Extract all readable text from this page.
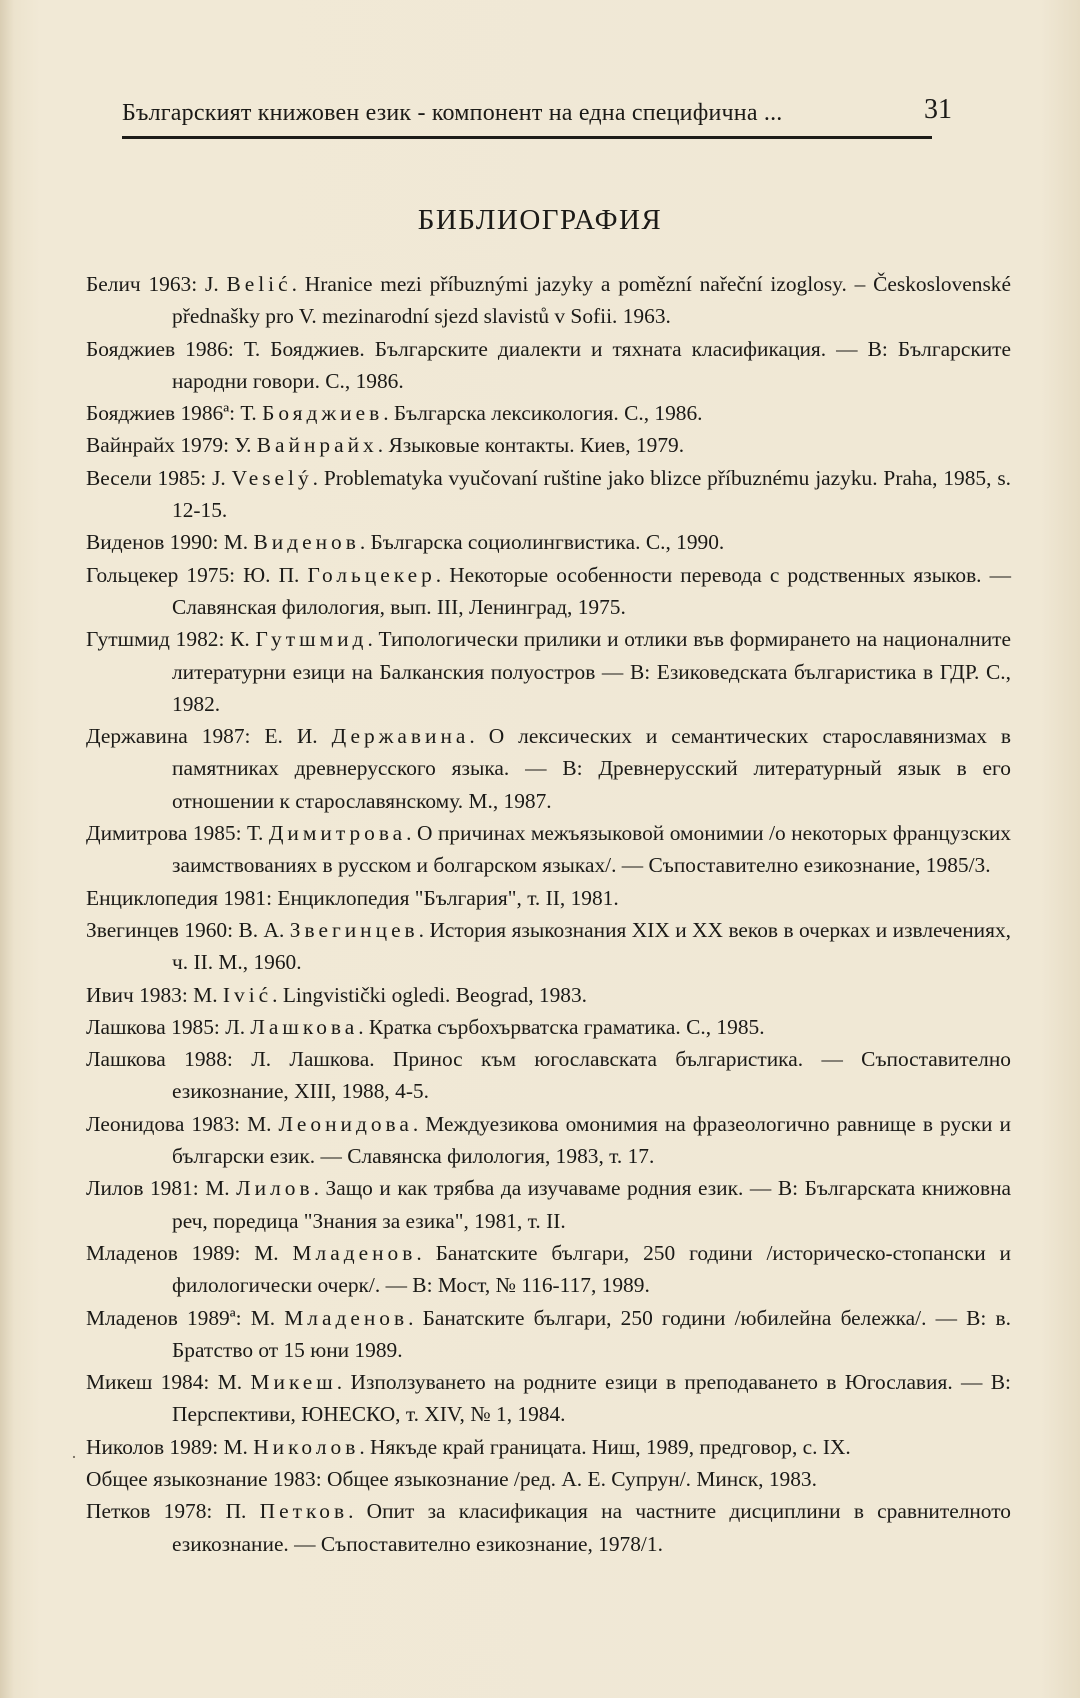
Българският книжовен език - компонент на една специфична ...	31
БИБЛИОГРАФИЯ
·
Белич 1963: J. Belić. Hranice mezi příbuznými jazyky a pomězní nařeční izoglosy. – Československé přednašky pro V. mezinarodní sjezd slavistů v Sofii. 1963.
Бояджиев 1986: Т. Бояджиев. Българските диалекти и тяхната класификация. — В: Българските народни говори. С., 1986.
Бояджиев 1986ª: Т. Бояджиев. Българска лексикология. С., 1986.
Вайнрайх 1979: У. Вайнрайх. Языковые контакты. Киев, 1979.
Весели 1985: J. Veselý. Problematyka vyučovaní ruštine jako blizce příbuznému jazyku. Praha, 1985, s. 12-15.
Виденов 1990: М. Виденов. Българска социолингвистика. С., 1990.
Гольцекер 1975: Ю. П. Гольцекер. Некоторые особенности перевода с родственных языков. — Славянская филология, вып. III, Ленинград, 1975.
Гутшмид 1982: К. Гутшмид. Типологически прилики и отлики във формирането на националните литературни езици на Балканския полуостров — В: Езиковедската българистика в ГДР. С., 1982.
Державина 1987: Е. И. Державина. О лексических и семантических старославянизмах в памятниках древнерусского языка. — В: Древнерусский литературный язык в его отношении к старославянскому. М., 1987.
Димитрова 1985: Т. Димитрова. О причинах межъязыковой омонимии /о некоторых французских заимствованиях в русском и болгарском языках/. — Съпоставително езикознание, 1985/3.
Енциклопедия 1981: Енциклопедия "България", т. II, 1981.
Звегинцев 1960: В. А. Звегинцев. История языкознания XIX и XX веков в очерках и извлечениях, ч. II. М., 1960.
Ивич 1983: М. Ivić. Lingvistički ogledi. Beograd, 1983.
Лашкова 1985: Л. Лашкова. Кратка сърбохърватска граматика. С., 1985.
Лашкова 1988: Л. Лашкова. Принос към югославската българистика. — Съпоставително езикознание, XIII, 1988, 4-5.
Леонидова 1983: М. Леонидова. Междуезикова омонимия на фразеологично равнище в руски и български език. — Славянска филология, 1983, т. 17.
Лилов 1981: М. Лилов. Защо и как трябва да изучаваме родния език. — В: Българската книжовна реч, поредица "Знания за езика", 1981, т. II.
Младенов 1989: М. Младенов. Банатските българи, 250 години /историческо-стопански и филологически очерк/. — В: Мост, № 116-117, 1989.
Младенов 1989ª: М. Младенов. Банатските българи, 250 години /юбилейна бележка/. — В: в. Братство от 15 юни 1989.
Микеш 1984: М. Микеш. Използуването на родните езици в преподаването в Югославия. — В: Перспективи, ЮНЕСКО, т. XIV, № 1, 1984.
Николов 1989: М. Николов. Някъде край границата. Ниш, 1989, предговор, с. IX.
Общее языкознание 1983: Общее языкознание /ред. А. Е. Супрун/. Минск, 1983.
Петков 1978: П. Петков. Опит за класификация на частните дисциплини в сравнителното езикознание. — Съпоставително езикознание, 1978/1.
